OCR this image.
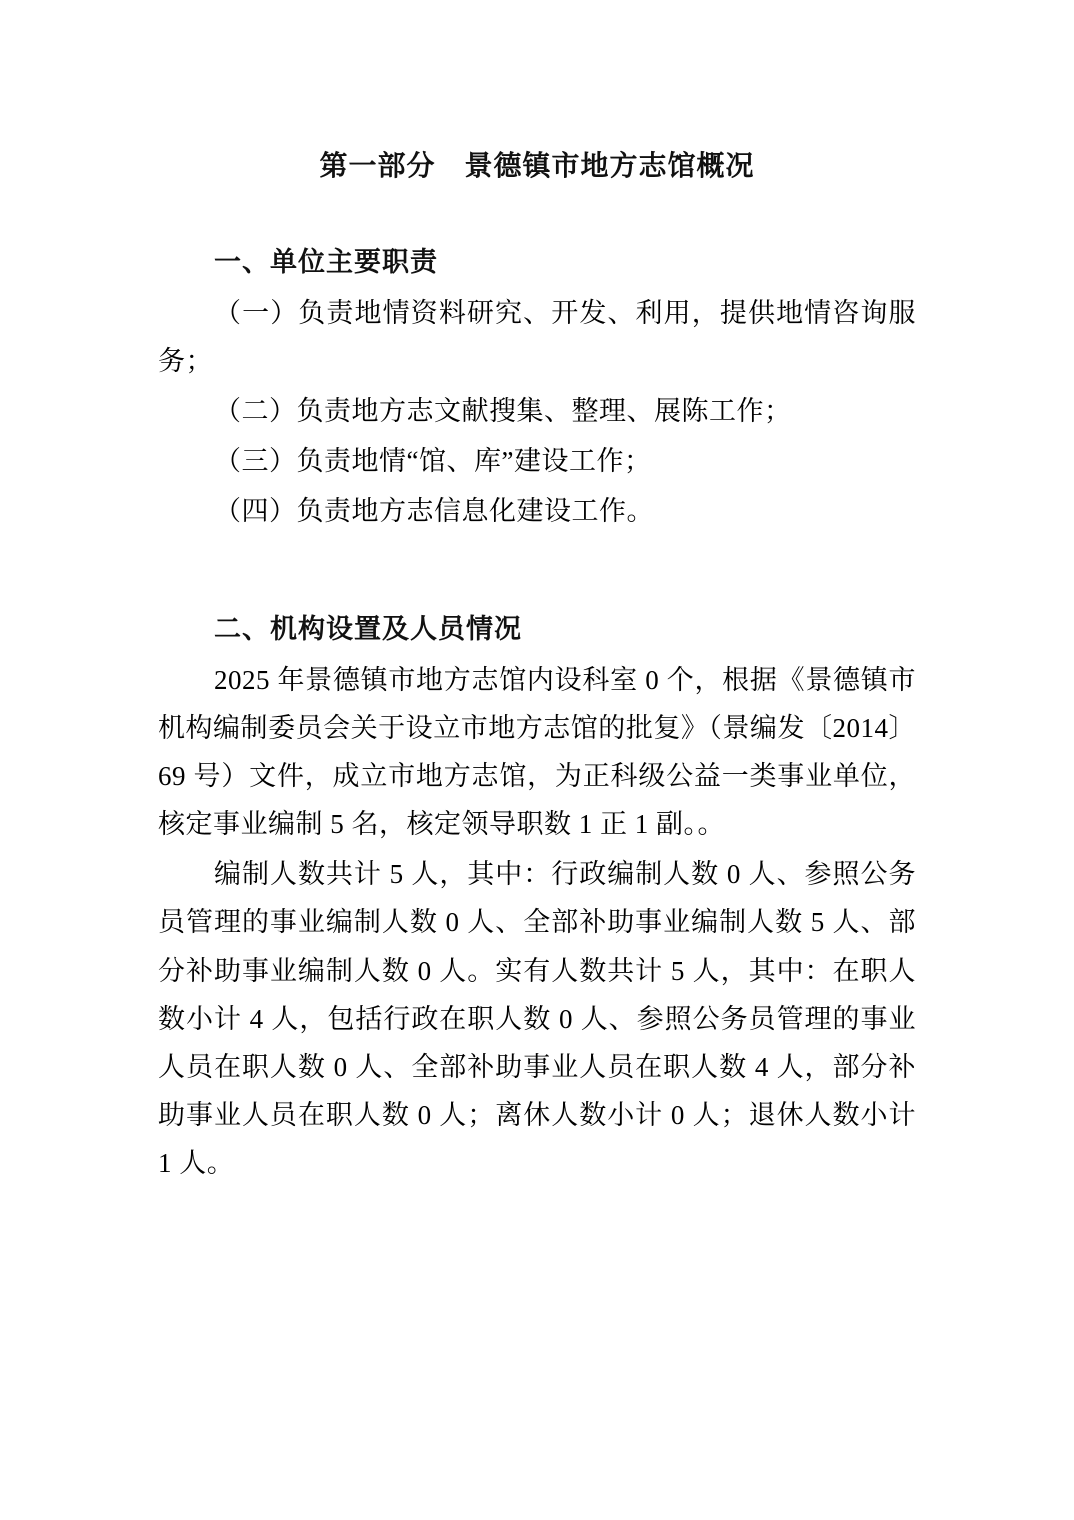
第一部分　景德镇市地方志馆概况
一、单位主要职责

（一）负责地情资料研究、开发、利用，提供地情咨询服务；

（二）负责地方志文献搜集、整理、展陈工作；

（三）负责地情“馆、库”建设工作；

（四）负责地方志信息化建设工作。

二、机构设置及人员情况

2025 年景德镇市地方志馆内设科室 0 个，根据《景德镇市机构编制委员会关于设立市地方志馆的批复》（景编发〔2014〕69 号）文件，成立市地方志馆，为正科级公益一类事业单位，核定事业编制 5 名，核定领导职数 1 正 1 副。。

编制人数共计 5 人，其中：行政编制人数 0 人、参照公务员管理的事业编制人数 0 人、全部补助事业编制人数 5 人、部分补助事业编制人数 0 人。实有人数共计 5 人，其中：在职人数小计 4 人，包括行政在职人数 0 人、参照公务员管理的事业人员在职人数 0 人、全部补助事业人员在职人数 4 人，部分补助事业人员在职人数 0 人；离休人数小计 0 人；退休人数小计 1 人。
